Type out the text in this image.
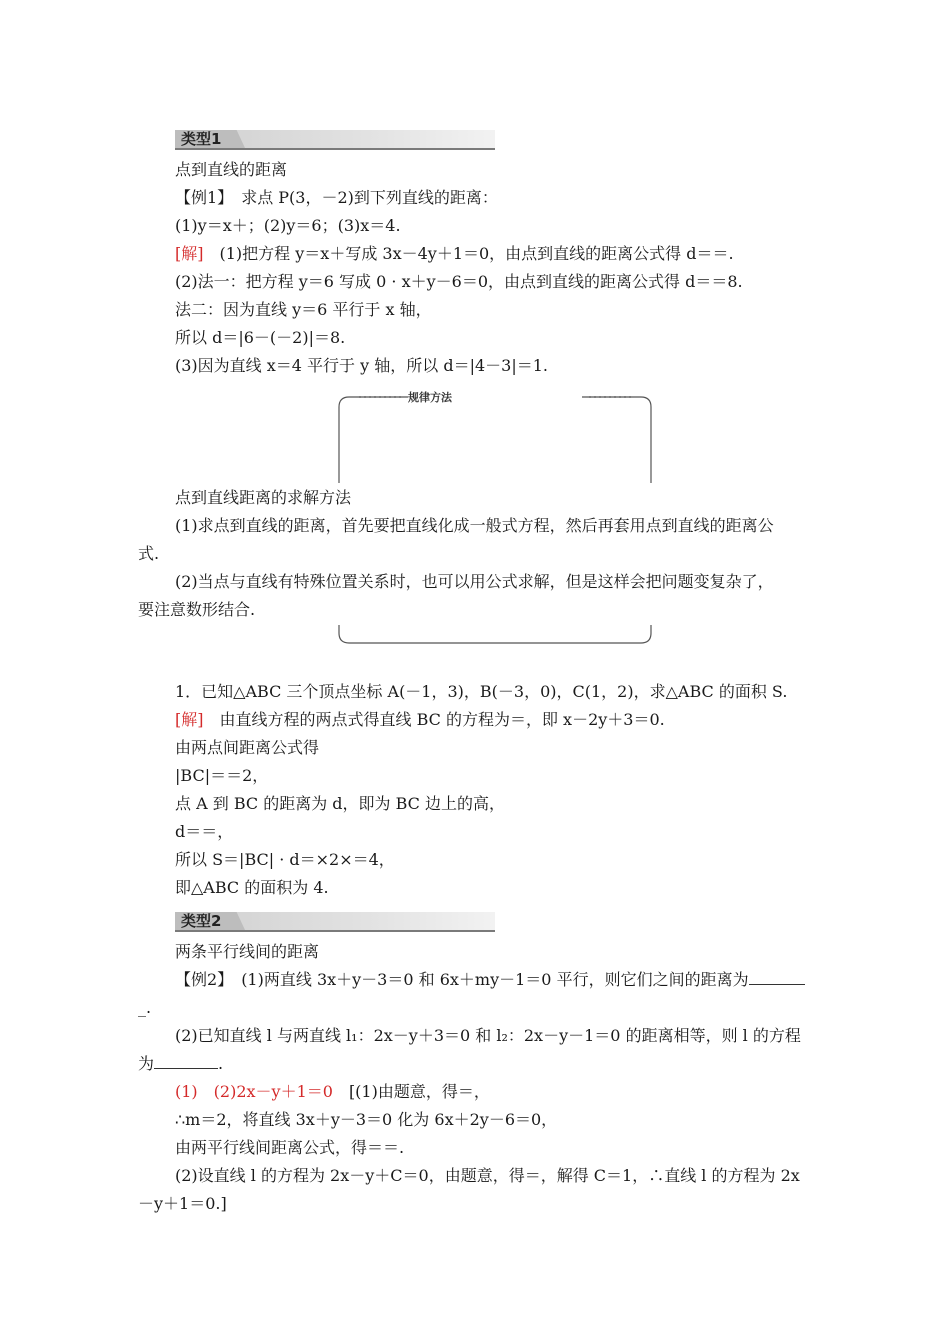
类型1
点到直线的距离
【例1】　求点 P(3，－2)到下列直线的距离：
(1)y＝x＋；(2)y＝6；(3)x＝4.
[解]　(1)把方程 y＝x＋写成 3x－4y＋1＝0，由点到直线的距离公式得 d＝＝.
(2)法一：把方程 y＝6 写成 0 · x＋y－6＝0，由点到直线的距离公式得 d＝＝8.
法二：因为直线 y＝6 平行于 x 轴，
所以 d＝|6－(－2)|＝8.
(3)因为直线 x＝4 平行于 y 轴，所以 d＝|4－3|＝1.
规律方法
点到直线距离的求解方法
(1)求点到直线的距离，首先要把直线化成一般式方程，然后再套用点到直线的距离公
式.
(2)当点与直线有特殊位置关系时，也可以用公式求解，但是这样会把问题变复杂了，
要注意数形结合.
1．已知△ABC 三个顶点坐标 A(－1，3)，B(－3，0)，C(1，2)，求△ABC 的面积 S.
[解]　由直线方程的两点式得直线 BC 的方程为＝，即 x－2y＋3＝0.
由两点间距离公式得
|BC|＝＝2，
点 A 到 BC 的距离为 d，即为 BC 边上的高，
d＝＝，
所以 S＝|BC| · d＝×2×＝4，
即△ABC 的面积为 4.
类型2
两条平行线间的距离
【例2】　(1)两直线 3x＋y－3＝0 和 6x＋my－1＝0 平行，则它们之间的距离为
_.
(2)已知直线 l 与两直线 l₁：2x－y＋3＝0 和 l₂：2x－y－1＝0 的距离相等，则 l 的方程
为	.
(1)　(2)2x－y＋1＝0　[(1)由题意，得＝，
∴m＝2，将直线 3x＋y－3＝0 化为 6x＋2y－6＝0，
由两平行线间距离公式，得＝＝.
(2)设直线 l 的方程为 2x－y＋C＝0，由题意，得＝，解得 C＝1，∴直线 l 的方程为 2x
－y＋1＝0.]
